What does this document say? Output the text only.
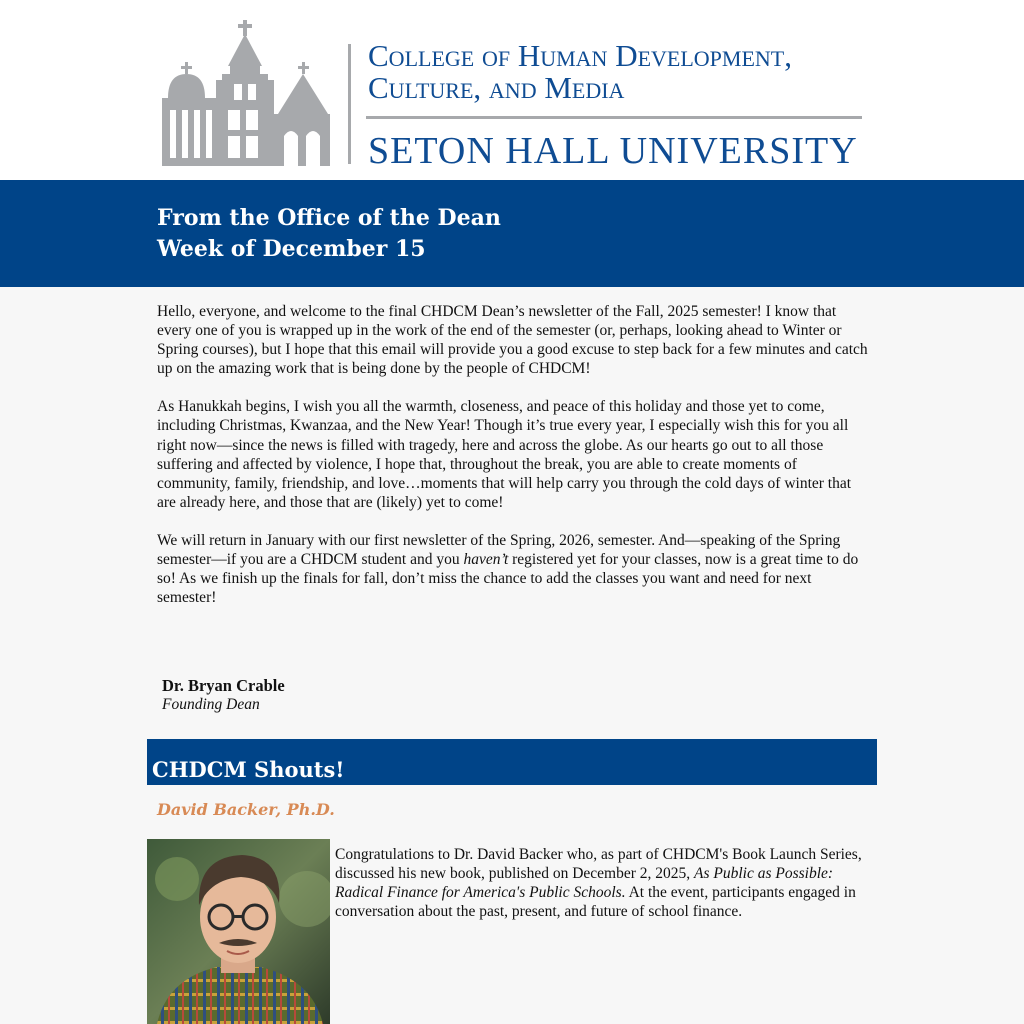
College of Human Development,
Culture, and Media
SETON HALL UNIVERSITY
From the Office of the Dean
Week of December 15

Hello, everyone, and welcome to the final CHDCM Dean’s newsletter of the Fall, 2025 semester! I know that every one of you is wrapped up in the work of the end of the semester (or, perhaps, looking ahead to Winter or Spring courses), but I hope that this email will provide you a good excuse to step back for a few minutes and catch up on the amazing work that is being done by the people of CHDCM!

As Hanukkah begins, I wish you all the warmth, closeness, and peace of this holiday and those yet to come, including Christmas, Kwanzaa, and the New Year! Though it’s true every year, I especially wish this for you all right now—since the news is filled with tragedy, here and across the globe. As our hearts go out to all those suffering and affected by violence, I hope that, throughout the break, you are able to create moments of community, family, friendship, and love…moments that will help carry you through the cold days of winter that are already here, and those that are (likely) yet to come!

We will return in January with our first newsletter of the Spring, 2026, semester. And—speaking of the Spring semester—if you are a CHDCM student and you haven’t registered yet for your classes, now is a great time to do so! As we finish up the finals for fall, don’t miss the chance to add the classes you want and need for next semester!

Dr. Bryan Crable
Founding Dean
CHDCM Shouts!
David Backer, Ph.D.
Congratulations to Dr. David Backer who, as part of CHDCM's Book Launch Series, discussed his new book, published on December 2, 2025, As Public as Possible: Radical Finance for America's Public Schools. At the event, participants engaged in conversation about the past, present, and future of school finance.
